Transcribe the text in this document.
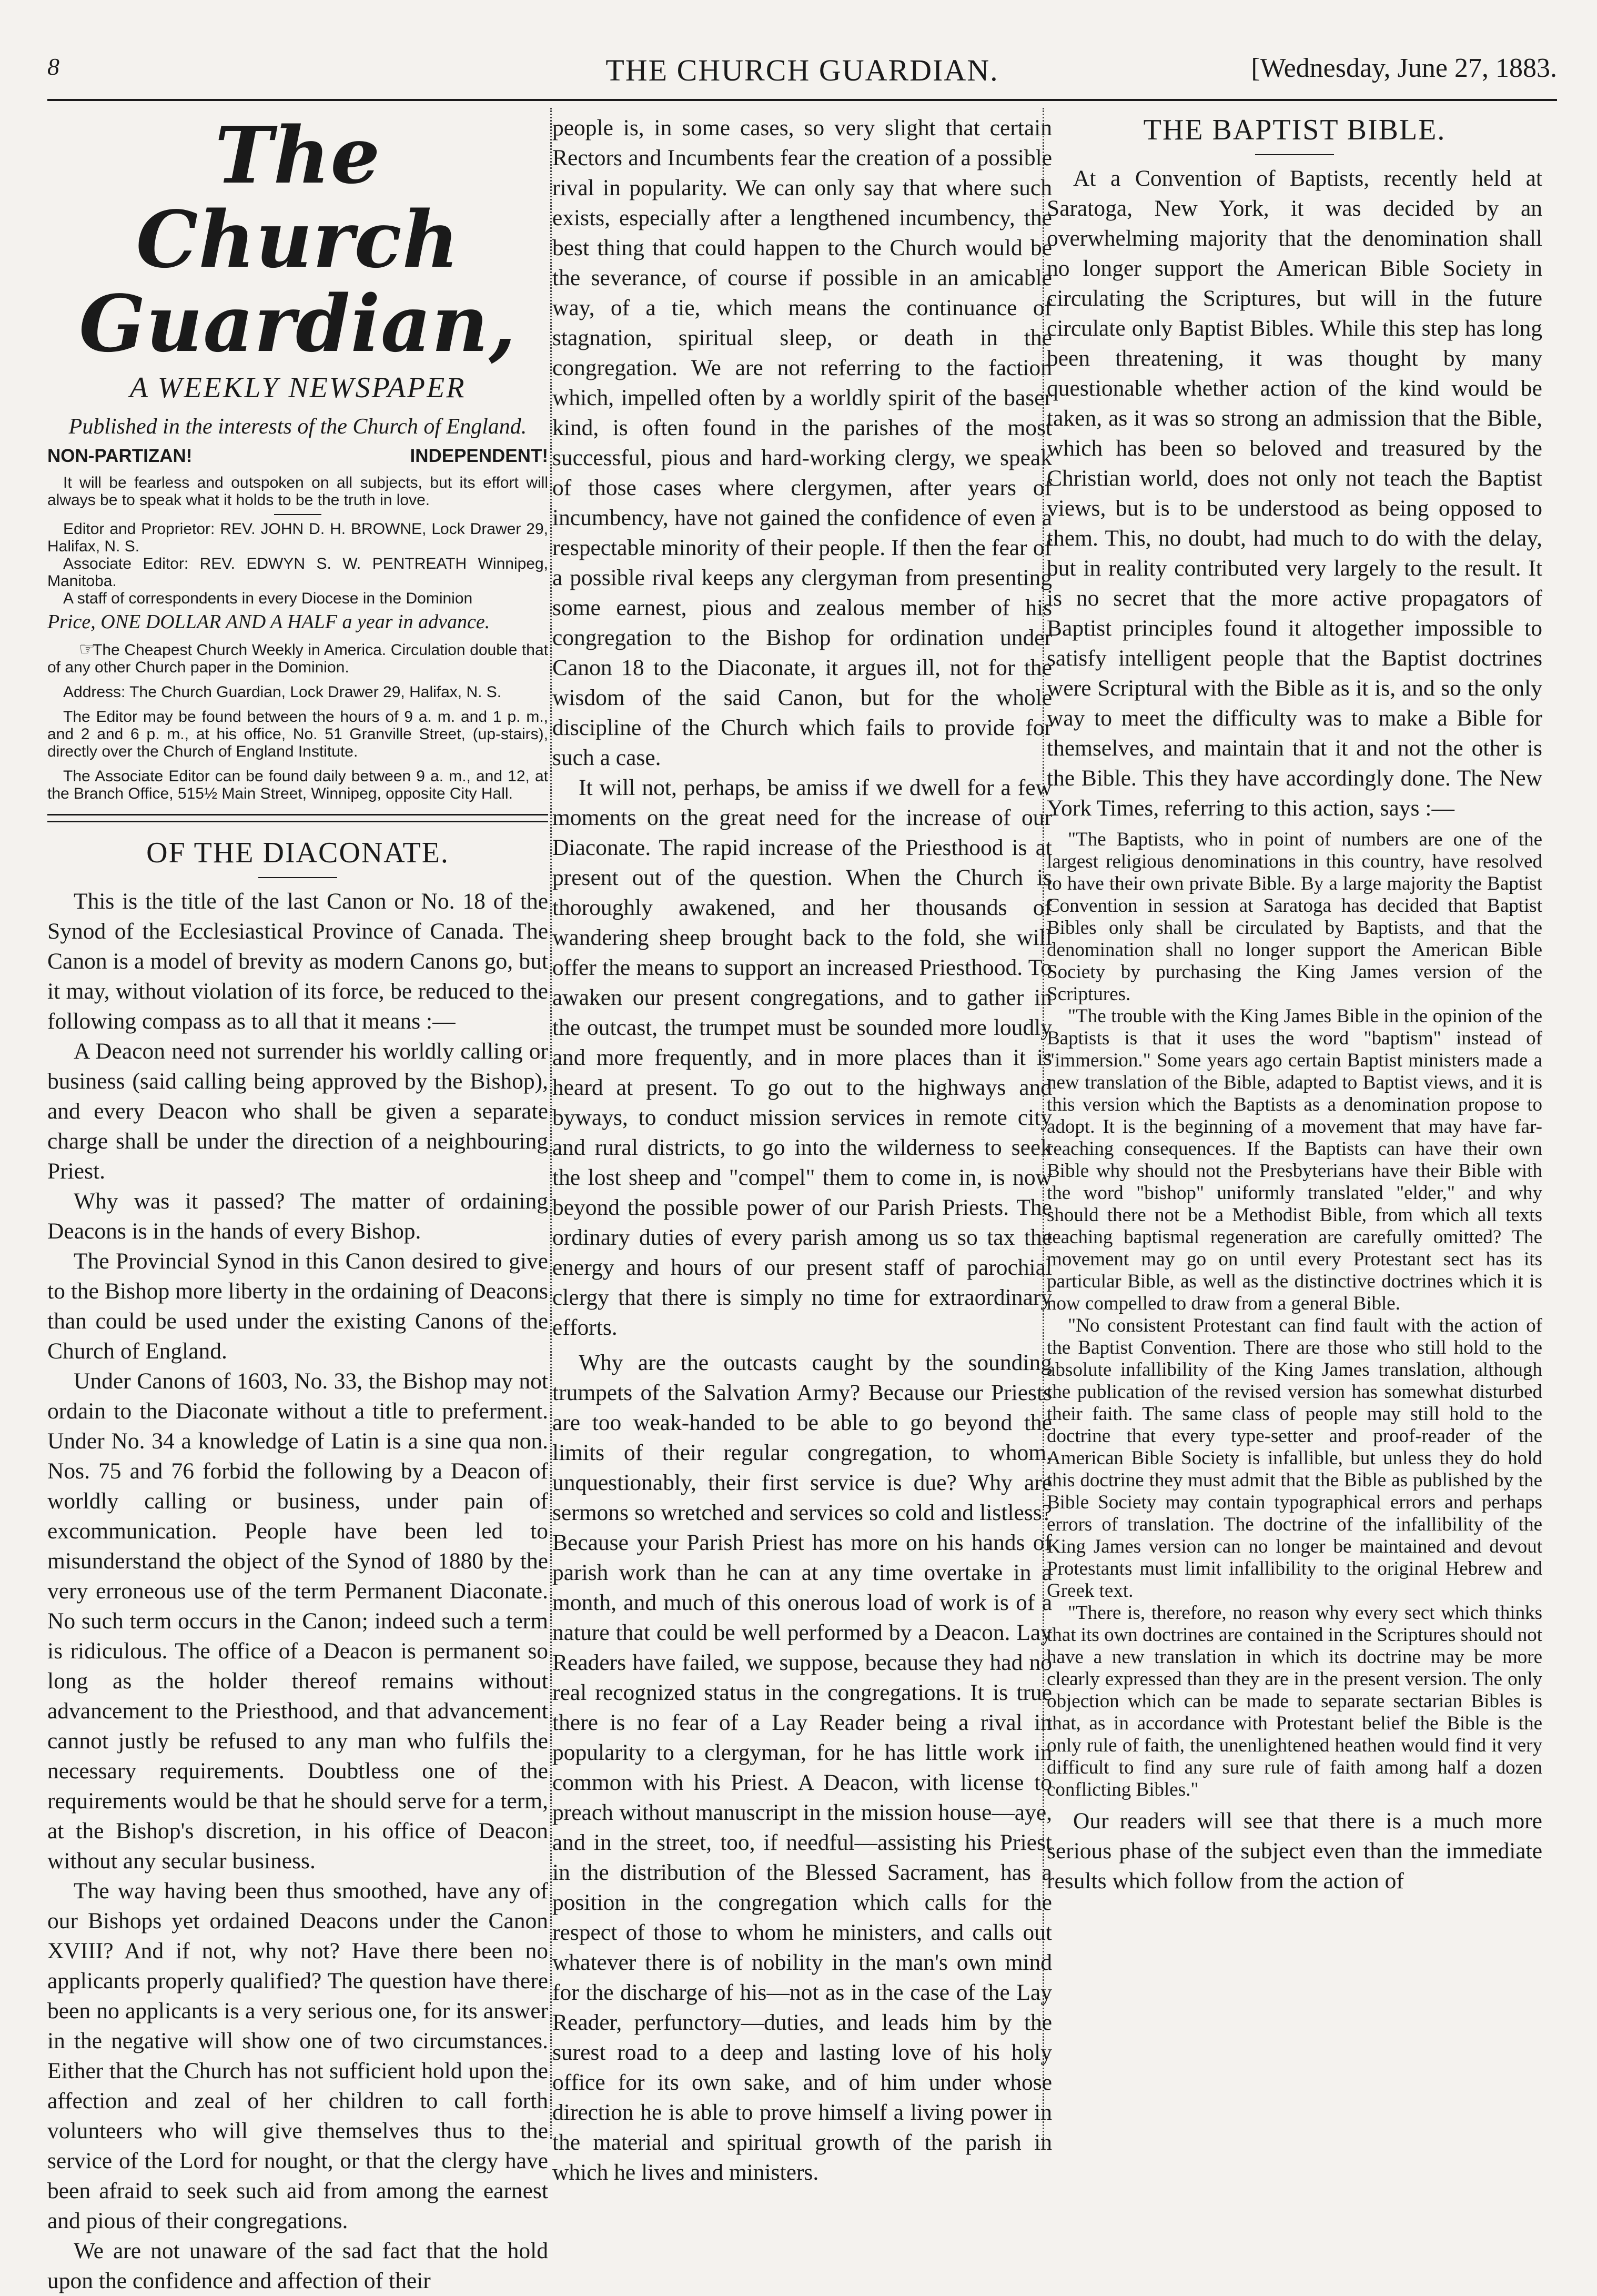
8	THE CHURCH GUARDIAN.	[Wednesday, June 27, 1883.
The Church Guardian,
A WEEKLY NEWSPAPER
Published in the interests of the Church of England.
NON-PARTIZAN!	INDEPENDENT!

It will be fearless and outspoken on all subjects, but its effort will always be to speak what it holds to be the truth in love.

Editor and Proprietor: REV. JOHN D. H. BROWNE, Lock Drawer 29, Halifax, N. S.

Associate Editor: REV. EDWYN S. W. PENTREATH Winnipeg, Manitoba.

A staff of correspondents in every Diocese in the Dominion

Price, ONE DOLLAR AND A HALF a year in advance.

☞The Cheapest Church Weekly in America. Circulation double that of any other Church paper in the Dominion.

Address: The Church Guardian, Lock Drawer 29, Halifax, N. S.

The Editor may be found between the hours of 9 a. m. and 1 p. m., and 2 and 6 p. m., at his office, No. 51 Granville Street, (up-stairs), directly over the Church of England Institute.

The Associate Editor can be found daily between 9 a. m., and 12, at the Branch Office, 515½ Main Street, Winnipeg, opposite City Hall.

OF THE DIACONATE.

This is the title of the last Canon or No. 18 of the Synod of the Ecclesiastical Province of Canada. The Canon is a model of brevity as modern Canons go, but it may, without violation of its force, be reduced to the following compass as to all that it means :—

A Deacon need not surrender his worldly calling or business (said calling being approved by the Bishop), and every Deacon who shall be given a separate charge shall be under the direction of a neighbouring Priest.

Why was it passed? The matter of ordaining Deacons is in the hands of every Bishop.

The Provincial Synod in this Canon desired to give to the Bishop more liberty in the ordaining of Deacons than could be used under the existing Canons of the Church of England.

Under Canons of 1603, No. 33, the Bishop may not ordain to the Diaconate without a title to preferment. Under No. 34 a knowledge of Latin is a sine qua non. Nos. 75 and 76 forbid the following by a Deacon of worldly calling or business, under pain of excommunication. People have been led to misunderstand the object of the Synod of 1880 by the very erroneous use of the term Permanent Diaconate. No such term occurs in the Canon; indeed such a term is ridiculous. The office of a Deacon is permanent so long as the holder thereof remains without advancement to the Priesthood, and that advancement cannot justly be refused to any man who fulfils the necessary requirements. Doubtless one of the requirements would be that he should serve for a term, at the Bishop's discretion, in his office of Deacon without any secular business.

The way having been thus smoothed, have any of our Bishops yet ordained Deacons under the Canon XVIII? And if not, why not? Have there been no applicants properly qualified? The question have there been no applicants is a very serious one, for its answer in the negative will show one of two circumstances. Either that the Church has not sufficient hold upon the affection and zeal of her children to call forth volunteers who will give themselves thus to the service of the Lord for nought, or that the clergy have been afraid to seek such aid from among the earnest and pious of their congregations.

We are not unaware of the sad fact that the hold upon the confidence and affection of their

people is, in some cases, so very slight that certain Rectors and Incumbents fear the creation of a possible rival in popularity. We can only say that where such exists, especially after a lengthened incumbency, the best thing that could happen to the Church would be the severance, of course if possible in an amicable way, of a tie, which means the continuance of stagnation, spiritual sleep, or death in the congregation. We are not referring to the faction which, impelled often by a worldly spirit of the baser kind, is often found in the parishes of the most successful, pious and hard-working clergy, we speak of those cases where clergymen, after years of incumbency, have not gained the confidence of even a respectable minority of their people. If then the fear of a possible rival keeps any clergyman from presenting some earnest, pious and zealous member of his congregation to the Bishop for ordination under Canon 18 to the Diaconate, it argues ill, not for the wisdom of the said Canon, but for the whole discipline of the Church which fails to provide for such a case.

It will not, perhaps, be amiss if we dwell for a few moments on the great need for the increase of our Diaconate. The rapid increase of the Priesthood is at present out of the question. When the Church is thoroughly awakened, and her thousands of wandering sheep brought back to the fold, she will offer the means to support an increased Priesthood. To awaken our present congregations, and to gather in the outcast, the trumpet must be sounded more loudly and more frequently, and in more places than it is heard at present. To go out to the highways and byways, to conduct mission services in remote city and rural districts, to go into the wilderness to seek the lost sheep and "compel" them to come in, is now beyond the possible power of our Parish Priests. The ordinary duties of every parish among us so tax the energy and hours of our present staff of parochial clergy that there is simply no time for extraordinary efforts.

Why are the outcasts caught by the sounding trumpets of the Salvation Army? Because our Priests are too weak-handed to be able to go beyond the limits of their regular congregation, to whom, unquestionably, their first service is due? Why are sermons so wretched and services so cold and listless? Because your Parish Priest has more on his hands of parish work than he can at any time overtake in a month, and much of this onerous load of work is of a nature that could be well performed by a Deacon. Lay Readers have failed, we suppose, because they had no real recognized status in the congregations. It is true there is no fear of a Lay Reader being a rival in popularity to a clergyman, for he has little work in common with his Priest. A Deacon, with license to preach without manuscript in the mission house—aye, and in the street, too, if needful—assisting his Priest in the distribution of the Blessed Sacrament, has a position in the congregation which calls for the respect of those to whom he ministers, and calls out whatever there is of nobility in the man's own mind for the discharge of his—not as in the case of the Lay Reader, perfunctory—duties, and leads him by the surest road to a deep and lasting love of his holy office for its own sake, and of him under whose direction he is able to prove himself a living power in the material and spiritual growth of the parish in which he lives and ministers.

THE BAPTIST BIBLE.

At a Convention of Baptists, recently held at Saratoga, New York, it was decided by an overwhelming majority that the denomination shall no longer support the American Bible Society in circulating the Scriptures, but will in the future circulate only Baptist Bibles. While this step has long been threatening, it was thought by many questionable whether action of the kind would be taken, as it was so strong an admission that the Bible, which has been so beloved and treasured by the Christian world, does not only not teach the Baptist views, but is to be understood as being opposed to them. This, no doubt, had much to do with the delay, but in reality contributed very largely to the result. It is no secret that the more active propagators of Baptist principles found it altogether impossible to satisfy intelligent people that the Baptist doctrines were Scriptural with the Bible as it is, and so the only way to meet the difficulty was to make a Bible for themselves, and maintain that it and not the other is the Bible. This they have accordingly done. The New York Times, referring to this action, says :—

"The Baptists, who in point of numbers are one of the largest religious denominations in this country, have resolved to have their own private Bible. By a large majority the Baptist Convention in session at Saratoga has decided that Baptist Bibles only shall be circulated by Baptists, and that the denomination shall no longer support the American Bible Society by purchasing the King James version of the Scriptures.

"The trouble with the King James Bible in the opinion of the Baptists is that it uses the word "baptism" instead of "immersion." Some years ago certain Baptist ministers made a new translation of the Bible, adapted to Baptist views, and it is this version which the Baptists as a denomination propose to adopt. It is the beginning of a movement that may have far-reaching consequences. If the Baptists can have their own Bible why should not the Presbyterians have their Bible with the word "bishop" uniformly translated "elder," and why should there not be a Methodist Bible, from which all texts teaching baptismal regeneration are carefully omitted? The movement may go on until every Protestant sect has its particular Bible, as well as the distinctive doctrines which it is now compelled to draw from a general Bible.

"No consistent Protestant can find fault with the action of the Baptist Convention. There are those who still hold to the absolute infallibility of the King James translation, although the publication of the revised version has somewhat disturbed their faith. The same class of people may still hold to the doctrine that every type-setter and proof-reader of the American Bible Society is infallible, but unless they do hold this doctrine they must admit that the Bible as published by the Bible Society may contain typographical errors and perhaps errors of translation. The doctrine of the infallibility of the King James version can no longer be maintained and devout Protestants must limit infallibility to the original Hebrew and Greek text.

"There is, therefore, no reason why every sect which thinks that its own doctrines are contained in the Scriptures should not have a new translation in which its doctrine may be more clearly expressed than they are in the present version. The only objection which can be made to separate sectarian Bibles is that, as in accordance with Protestant belief the Bible is the only rule of faith, the unenlightened heathen would find it very difficult to find any sure rule of faith among half a dozen conflicting Bibles."

Our readers will see that there is a much more serious phase of the subject even than the immediate results which follow from the action of
